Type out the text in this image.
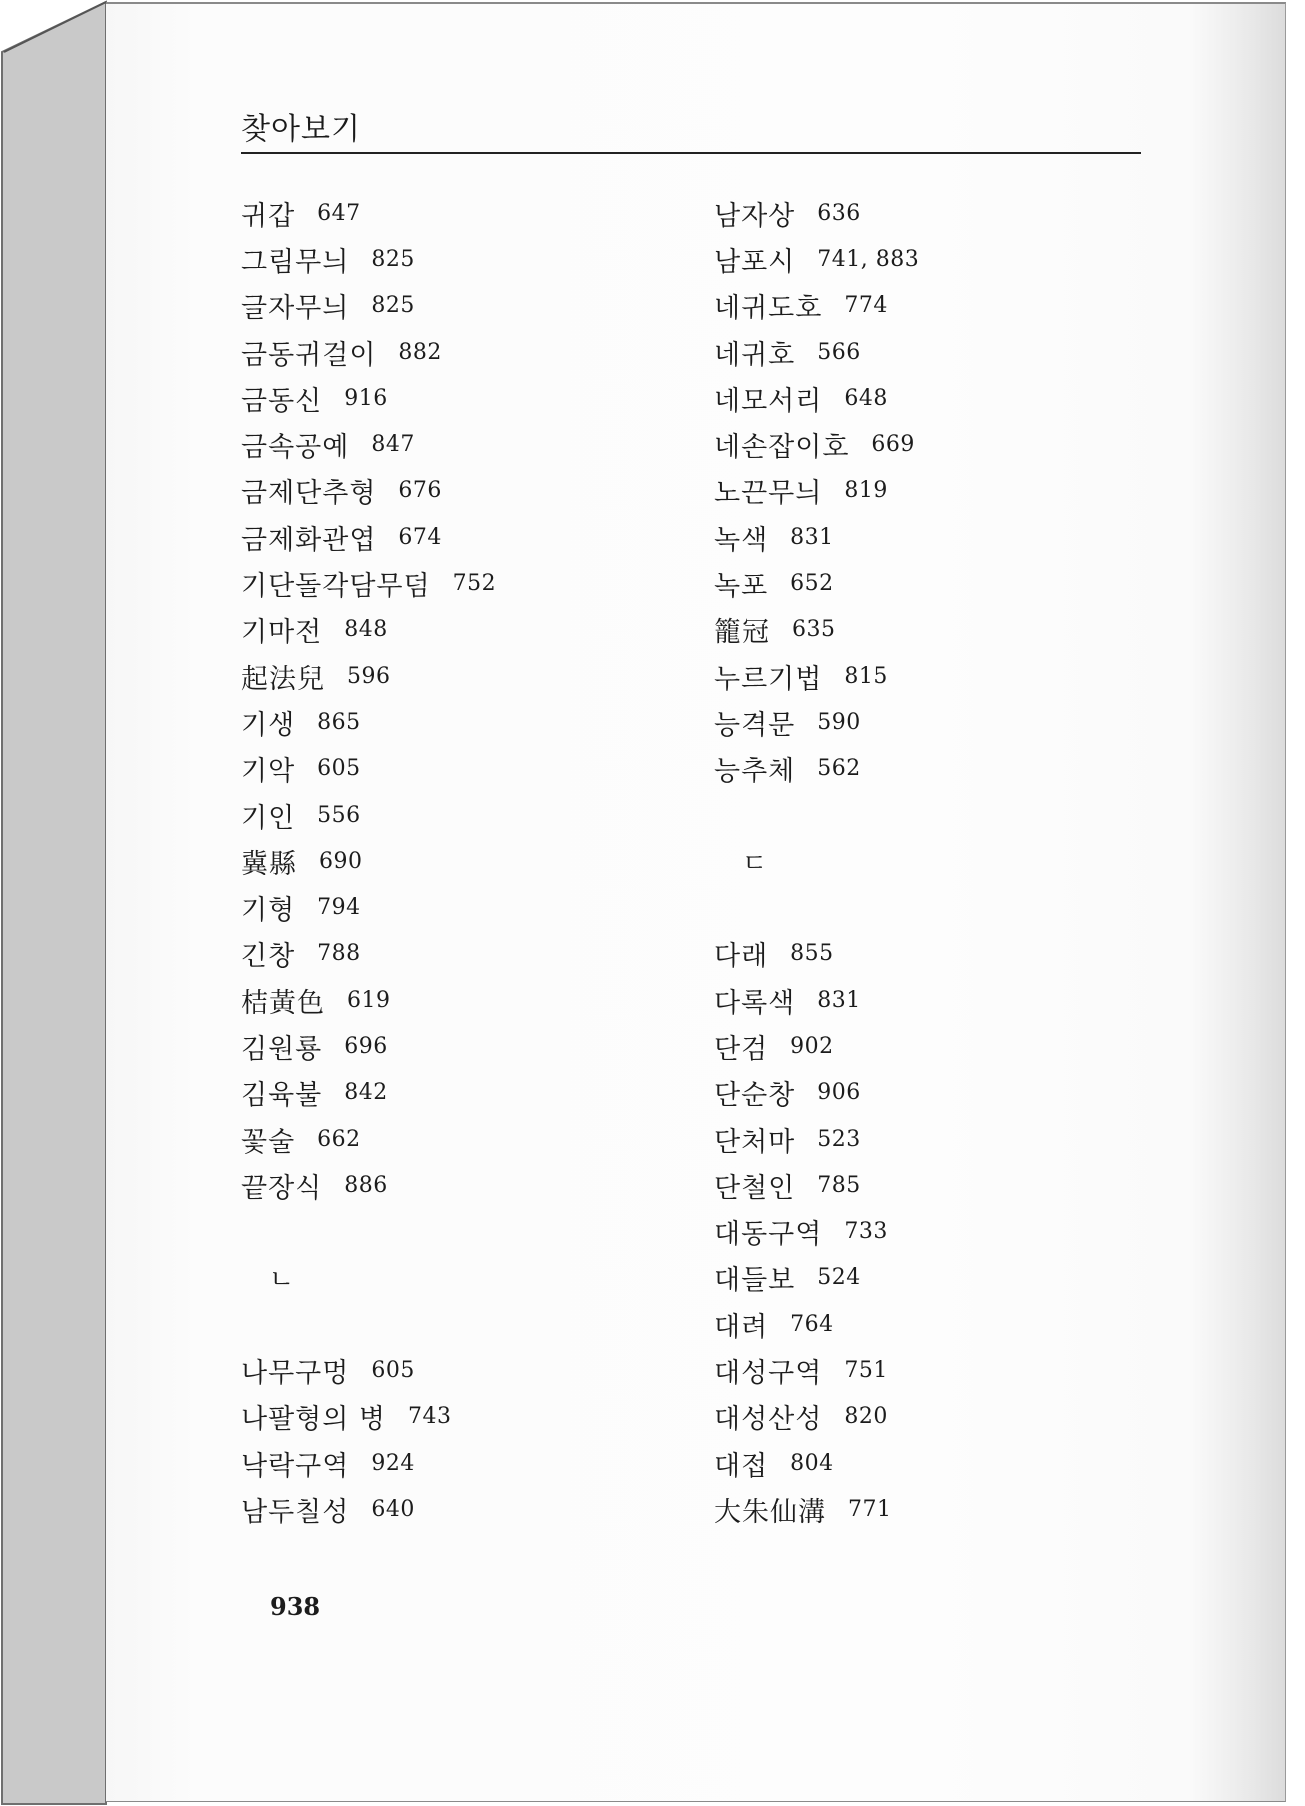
찾아보기
귀갑 647
그림무늬 825
글자무늬 825
금동귀걸이 882
금동신 916
금속공예 847
금제단추형 676
금제화관엽 674
기단돌각담무덤 752
기마전 848
起法兒 596
기생 865
기악 605
기인 556
冀縣 690
기형 794
긴창 788
桔黃色 619
김원룡 696
김육불 842
꽃술 662
끝장식 886
ㄴ
나무구멍 605
나팔형의 병 743
낙락구역 924
남두칠성 640
남자상 636
남포시 741, 883
네귀도호 774
네귀호 566
네모서리 648
네손잡이호 669
노끈무늬 819
녹색 831
녹포 652
籠冠 635
누르기법 815
능격문 590
능추체 562
ㄷ
다래 855
다록색 831
단검 902
단순창 906
단처마 523
단철인 785
대동구역 733
대들보 524
대려 764
대성구역 751
대성산성 820
대접 804
大朱仙溝 771
938
